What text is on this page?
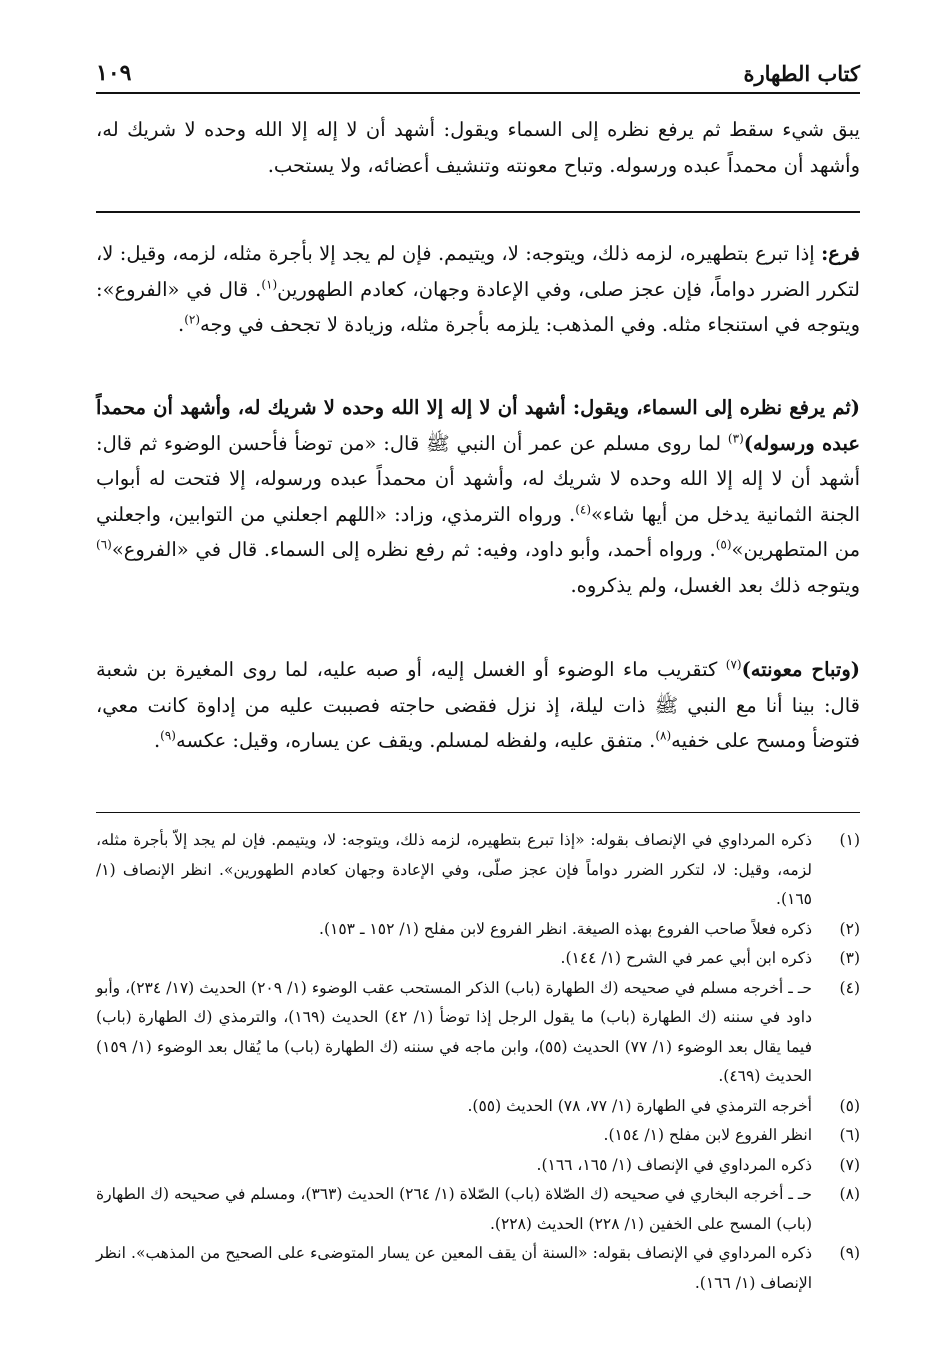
كتاب الطهارة
١٠٩

يبق شيء سقط ثم يرفع نظره إلى السماء ويقول: أشهد أن لا إله إلا الله وحده لا شريك له، وأشهد أن محمداً عبده ورسوله. وتباح معونته وتنشيف أعضائه، ولا يستحب.

فرع: إذا تبرع بتطهيره، لزمه ذلك، ويتوجه: لا، ويتيمم. فإن لم يجد إلا بأجرة مثله، لزمه، وقيل: لا، لتكرر الضرر دواماً، فإن عجز صلى، وفي الإعادة وجهان، كعادم الطهورين$^{(١)}$. قال في «الفروع»: ويتوجه في استنجاء مثله. وفي المذهب: يلزمه بأجرة مثله، وزيادة لا تجحف في وجه$^{(٢)}$.

(ثم يرفع نظره إلى السماء، ويقول: أشهد أن لا إله إلا الله وحده لا شريك له، وأشهد أن محمداً عبده ورسوله)$^{(٣)}$ لما روى مسلم عن عمر أن النبي ﷺ قال: «من توضأ فأحسن الوضوء ثم قال: أشهد أن لا إله إلا الله وحده لا شريك له، وأشهد أن محمداً عبده ورسوله، إلا فتحت له أبواب الجنة الثمانية يدخل من أيها شاء»$^{(٤)}$. ورواه الترمذي، وزاد: «اللهم اجعلني من التوابين، واجعلني من المتطهرين»$^{(٥)}$. ورواه أحمد، وأبو داود، وفيه: ثم رفع نظره إلى السماء. قال في «الفروع»$^{(٦)}$ ويتوجه ذلك بعد الغسل، ولم يذكروه.

(وتباح معونته)$^{(٧)}$ كتقريب ماء الوضوء أو الغسل إليه، أو صبه عليه، لما روى المغيرة بن شعبة قال: بينا أنا مع النبي ﷺ ذات ليلة، إذ نزل فقضى حاجته فصببت عليه من إداوة كانت معي، فتوضأ ومسح على خفيه$^{(٨)}$. متفق عليه، ولفظه لمسلم. ويقف عن يساره، وقيل: عكسه$^{(٩)}$.

(١)
ذكره المرداوي في الإنصاف بقوله: «إذا تبرع بتطهيره، لزمه ذلك، ويتوجه: لا، ويتيمم. فإن لم يجد إلاّ بأجرة مثله، لزمه، وقيل: لا، لتكرر الضرر دواماً فإن عجز صلّى، وفي الإعادة وجهان كعادم الطهورين». انظر الإنصاف (١/ ١٦٥).
(٢)
ذكره فعلاً صاحب الفروع بهذه الصيغة. انظر الفروع لابن مفلح (١/ ١٥٢ ـ ١٥٣).
(٣)
ذكره ابن أبي عمر في الشرح (١/ ١٤٤).
(٤)
حـ ـ أخرجه مسلم في صحيحه (ك الطهارة (باب) الذكر المستحب عقب الوضوء (١/ ٢٠٩) الحديث (١٧/ ٢٣٤)، وأبو داود في سننه (ك الطهارة (باب) ما يقول الرجل إذا توضأ (١/ ٤٢) الحديث (١٦٩)، والترمذي (ك الطهارة (باب) فيما يقال بعد الوضوء (١/ ٧٧) الحديث (٥٥)، وابن ماجه في سننه (ك الطهارة (باب) ما يُقال بعد الوضوء (١/ ١٥٩) الحديث (٤٦٩).
(٥)
أخرجه الترمذي في الطهارة (١/ ٧٧، ٧٨) الحديث (٥٥).
(٦)
انظر الفروع لابن مفلح (١/ ١٥٤).
(٧)
ذكره المرداوي في الإنصاف (١/ ١٦٥، ١٦٦).
(٨)
حـ ـ أخرجه البخاري في صحيحه (ك الصّلاة (باب) الصّلاة (١/ ٢٦٤) الحديث (٣٦٣)، ومسلم في صحيحه (ك الطهارة (باب) المسح على الخفين (١/ ٢٢٨) الحديث (٢٢٨).
(٩)
ذكره المرداوي في الإنصاف بقوله: «السنة أن يقف المعين عن يسار المتوضىء على الصحيح من المذهب». انظر الإنصاف (١/ ١٦٦).
